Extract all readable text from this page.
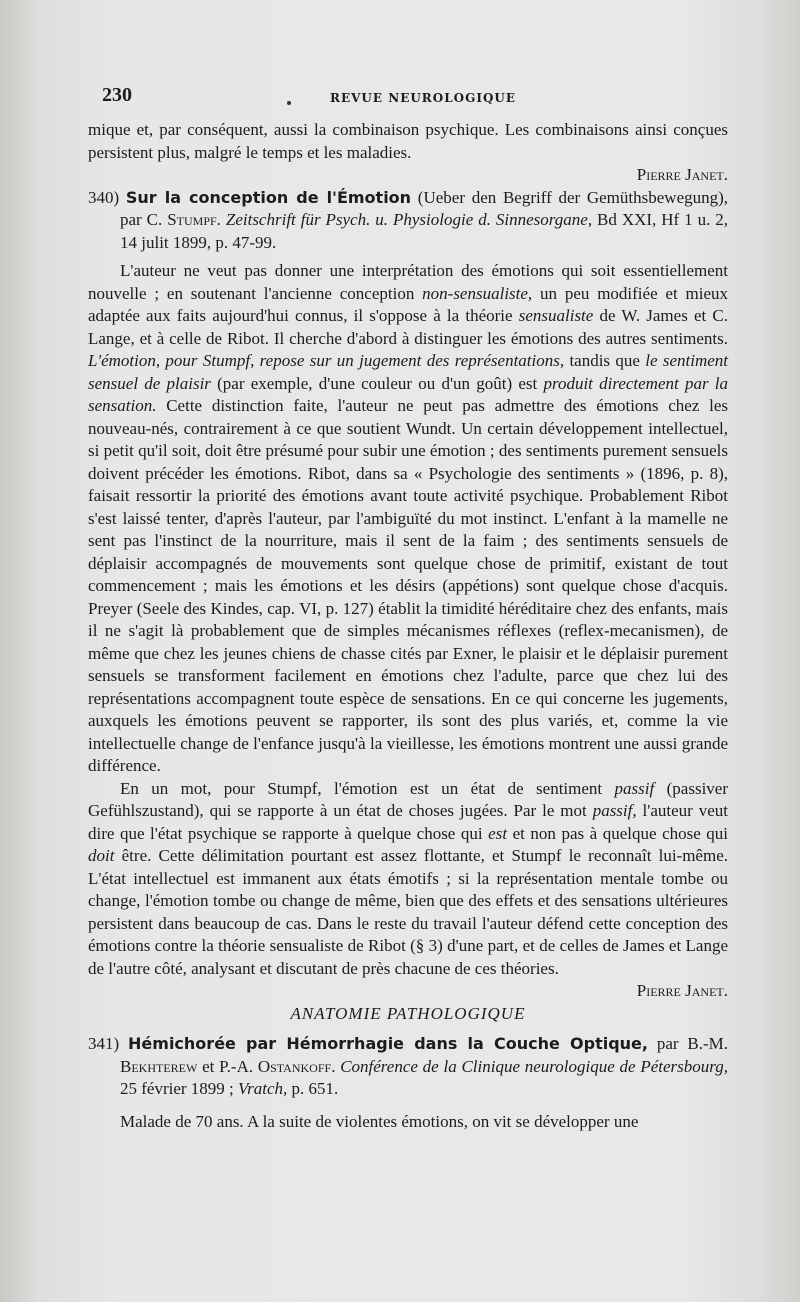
230	REVUE NEUROLOGIQUE

mique et, par conséquent, aussi la combinaison psychique. Les combinaisons ainsi conçues persistent plus, malgré le temps et les maladies.

Pierre Janet.

340) Sur la conception de l'Émotion (Ueber den Begriff der Gemüthsbewegung), par C. Stumpf. Zeitschrift für Psych. u. Physiologie d. Sinnesorgane, Bd XXI, Hf 1 u. 2, 14 julit 1899, p. 47-99.

L'auteur ne veut pas donner une interprétation des émotions qui soit essentiellement nouvelle ; en soutenant l'ancienne conception non-sensualiste, un peu modifiée et mieux adaptée aux faits aujourd'hui connus, il s'oppose à la théorie sensualiste de W. James et C. Lange, et à celle de Ribot. Il cherche d'abord à distinguer les émotions des autres sentiments. L'émotion, pour Stumpf, repose sur un jugement des représentations, tandis que le sentiment sensuel de plaisir (par exemple, d'une couleur ou d'un goût) est produit directement par la sensation. Cette distinction faite, l'auteur ne peut pas admettre des émotions chez les nouveau-nés, contrairement à ce que soutient Wundt. Un certain développement intellectuel, si petit qu'il soit, doit être présumé pour subir une émotion ; des sentiments purement sensuels doivent précéder les émotions. Ribot, dans sa « Psychologie des sentiments » (1896, p. 8), faisait ressortir la priorité des émotions avant toute activité psychique. Probablement Ribot s'est laissé tenter, d'après l'auteur, par l'ambiguïté du mot instinct. L'enfant à la mamelle ne sent pas l'instinct de la nourriture, mais il sent de la faim ; des sentiments sensuels de déplaisir accompagnés de mouvements sont quelque chose de primitif, existant de tout commencement ; mais les émotions et les désirs (appétions) sont quelque chose d'acquis. Preyer (Seele des Kindes, cap. VI, p. 127) établit la timidité héréditaire chez des enfants, mais il ne s'agit là probablement que de simples mécanismes réflexes (reflex-mecanismen), de même que chez les jeunes chiens de chasse cités par Exner, le plaisir et le déplaisir purement sensuels se transforment facilement en émotions chez l'adulte, parce que chez lui des représentations accompagnent toute espèce de sensations. En ce qui concerne les jugements, auxquels les émotions peuvent se rapporter, ils sont des plus variés, et, comme la vie intellectuelle change de l'enfance jusqu'à la vieillesse, les émotions montrent une aussi grande différence.

En un mot, pour Stumpf, l'émotion est un état de sentiment passif (passiver Gefühlszustand), qui se rapporte à un état de choses jugées. Par le mot passif, l'auteur veut dire que l'état psychique se rapporte à quelque chose qui est et non pas à quelque chose qui doit être. Cette délimitation pourtant est assez flottante, et Stumpf le reconnaît lui-même. L'état intellectuel est immanent aux états émotifs ; si la représentation mentale tombe ou change, l'émotion tombe ou change de même, bien que des effets et des sensations ultérieures persistent dans beaucoup de cas. Dans le reste du travail l'auteur défend cette conception des émotions contre la théorie sensualiste de Ribot (§ 3) d'une part, et de celles de James et Lange de l'autre côté, analysant et discutant de près chacune de ces théories.

Pierre Janet.

ANATOMIE PATHOLOGIQUE

341) Hémichorée par Hémorrhagie dans la Couche Optique, par B.-M. Bekhterew et P.-A. Ostankoff. Conférence de la Clinique neurologique de Pétersbourg, 25 février 1899 ; Vratch, p. 651.

Malade de 70 ans. A la suite de violentes émotions, on vit se développer une
